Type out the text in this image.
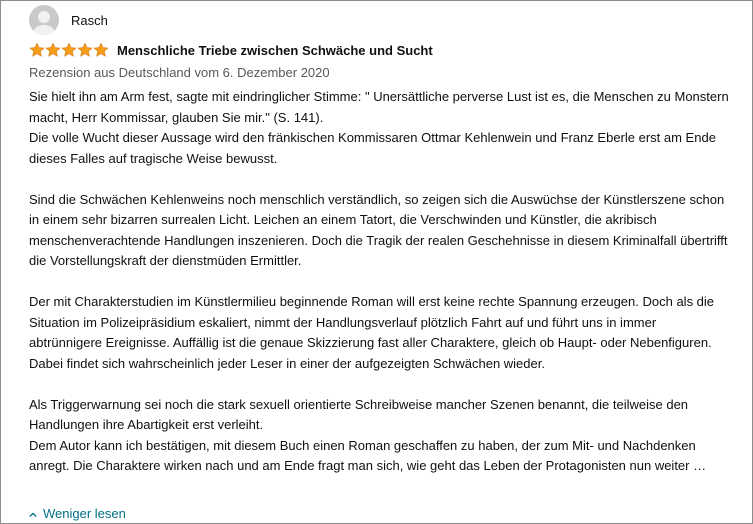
Rasch
Menschliche Triebe zwischen Schwäche und Sucht
Rezension aus Deutschland vom 6. Dezember 2020

Sie hielt ihn am Arm fest, sagte mit eindringlicher Stimme: " Unersättliche perverse Lust ist es, die Menschen zu Monstern macht, Herr Kommissar, glauben Sie mir." (S. 141).

Die volle Wucht dieser Aussage wird den fränkischen Kommissaren Ottmar Kehlenwein und Franz Eberle erst am Ende dieses Falles auf tragische Weise bewusst.

Sind die Schwächen Kehlenweins noch menschlich verständlich, so zeigen sich die Auswüchse der Künstlerszene schon in einem sehr bizarren surrealen Licht. Leichen an einem Tatort, die Verschwinden und Künstler, die akribisch menschenverachtende Handlungen inszenieren. Doch die Tragik der realen Geschehnisse in diesem Kriminalfall übertrifft die Vorstellungskraft der dienstmüden Ermittler.

Der mit Charakterstudien im Künstlermilieu beginnende Roman will erst keine rechte Spannung erzeugen. Doch als die Situation im Polizeipräsidium eskaliert, nimmt der Handlungsverlauf plötzlich Fahrt auf und führt uns in immer abtrünnigere Ereignisse. Auffällig ist die genaue Skizzierung fast aller Charaktere, gleich ob Haupt- oder Nebenfiguren. Dabei findet sich wahrscheinlich jeder Leser in einer der aufgezeigten Schwächen wieder.

Als Triggerwarnung sei noch die stark sexuell orientierte Schreibweise mancher Szenen benannt, die teilweise den Handlungen ihre Abartigkeit erst verleiht.

Dem Autor kann ich bestätigen, mit diesem Buch einen Roman geschaffen zu haben, der zum Mit- und Nachdenken anregt. Die Charaktere wirken nach und am Ende fragt man sich, wie geht das Leben der Protagonisten nun weiter …

Weniger lesen
